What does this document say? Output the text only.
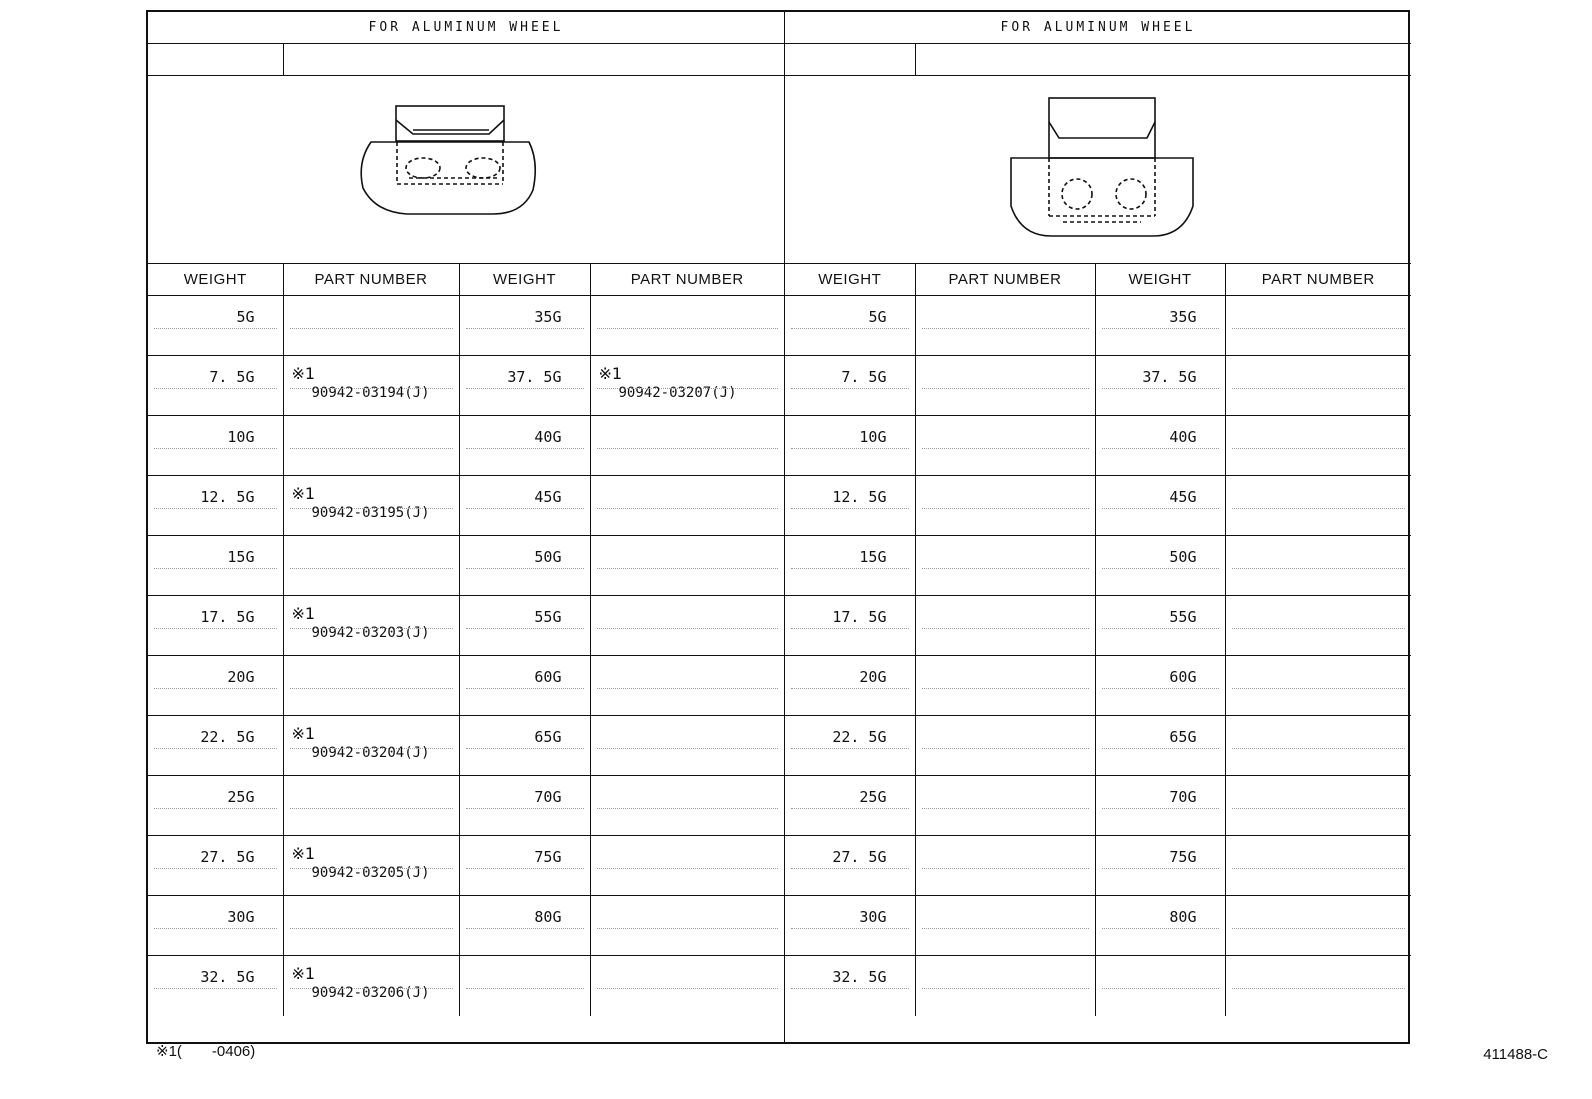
FOR ALUMINUM WHEEL
WEIGHT	PART NUMBER	WEIGHT	PART NUMBER

5G		35G	

7. 5G	※1
90942-03194(J)	37. 5G	※1
90942-03207(J)

10G		40G	

12. 5G	※1
90942-03195(J)	45G	

15G		50G	

17. 5G	※1
90942-03203(J)	55G	

20G		60G	

22. 5G	※1
90942-03204(J)	65G	

25G		70G	

27. 5G	※1
90942-03205(J)	75G	

30G		80G	

32. 5G	※1
90942-03206(J)		

FOR ALUMINUM WHEEL
WEIGHT	PART NUMBER	WEIGHT	PART NUMBER

5G		35G	

7. 5G		37. 5G	

10G		40G	

12. 5G		45G	

15G		50G	

17. 5G		55G	

20G		60G	

22. 5G		65G	

25G		70G	

27. 5G		75G	

30G		80G	

32. 5G			

※1(　　-0406)	411488-C
